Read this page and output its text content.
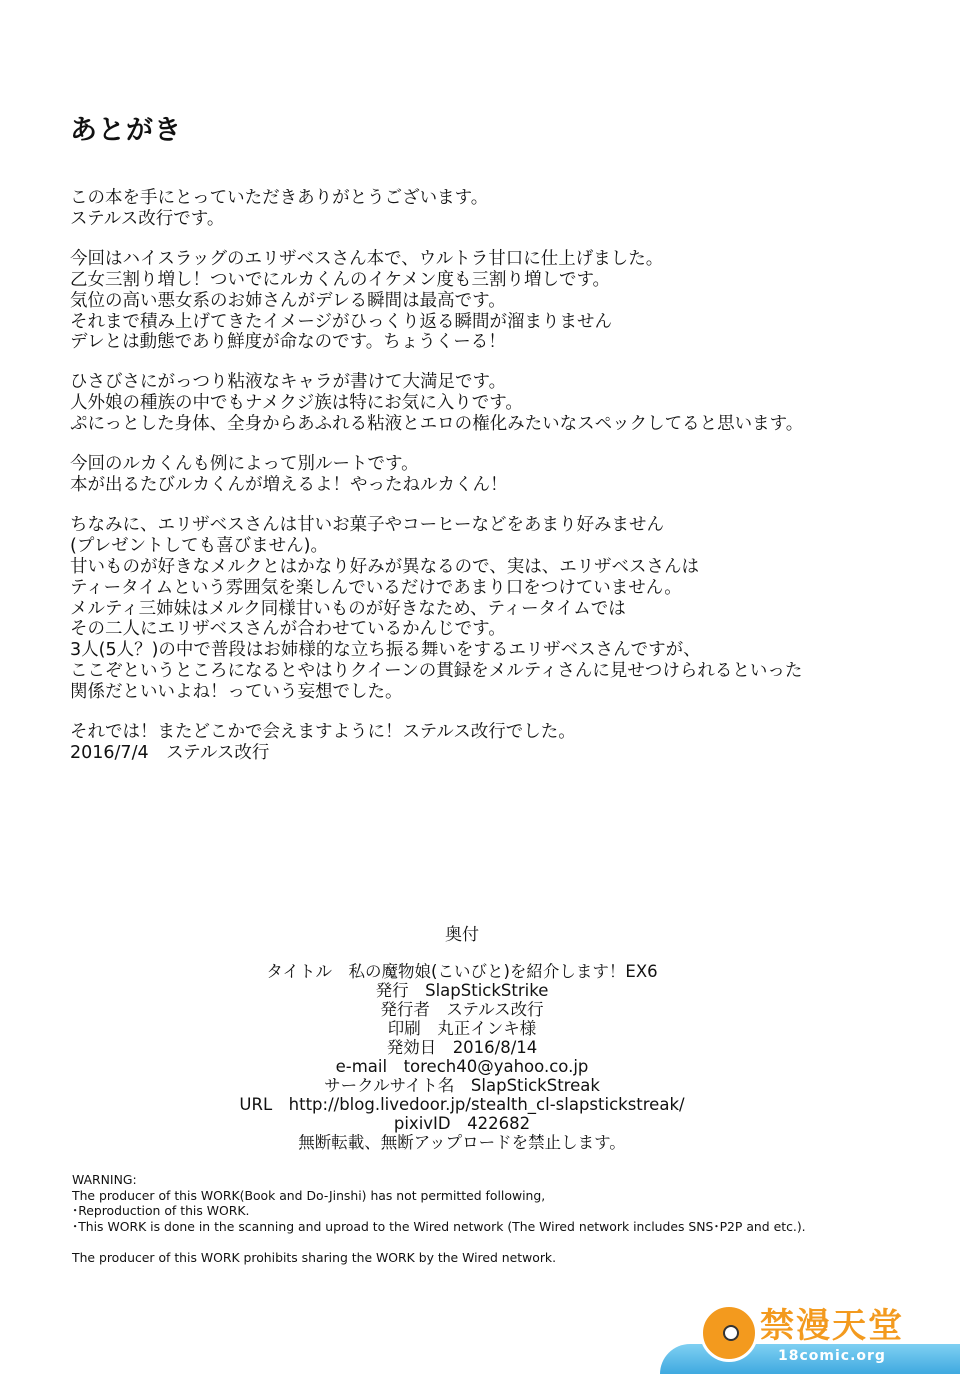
あとがき
この本を手にとっていただきありがとうございます。
ステルス改行です。
今回はハイスラッグのエリザベスさん本で、ウルトラ甘口に仕上げました。
乙女三割り増し！ついでにルカくんのイケメン度も三割り増しです。
気位の高い悪女系のお姉さんがデレる瞬間は最高です。
それまで積み上げてきたイメージがひっくり返る瞬間が溜まりません
デレとは動態であり鮮度が命なのです。ちょうくーる！
ひさびさにがっつり粘液なキャラが書けて大満足です。
人外娘の種族の中でもナメクジ族は特にお気に入りです。
ぷにっとした身体、全身からあふれる粘液とエロの権化みたいなスペックしてると思います。
今回のルカくんも例によって別ルートです。
本が出るたびルカくんが増えるよ！やったねルカくん！
ちなみに、エリザベスさんは甘いお菓子やコーヒーなどをあまり好みません
(プレゼントしても喜びません)。
甘いものが好きなメルクとはかなり好みが異なるので、実は、エリザベスさんは
ティータイムという雰囲気を楽しんでいるだけであまり口をつけていません。
メルティ三姉妹はメルク同様甘いものが好きなため、ティータイムでは
その二人にエリザベスさんが合わせているかんじです。
3人(5人？)の中で普段はお姉様的な立ち振る舞いをするエリザベスさんですが、
ここぞというところになるとやはりクイーンの貫録をメルティさんに見せつけられるといった
関係だといいよね！っていう妄想でした。
それでは！またどこかで会えますように！ステルス改行でした。
2016/7/4　ステルス改行
奥付
タイトル　私の魔物娘(こいびと)を紹介します！EX6
発行　SlapStickStrike
発行者　ステルス改行
印刷　丸正インキ様
発効日　2016/8/14
e-mail　torech40@yahoo.co.jp
サークルサイト名　SlapStickStreak
URL　http://blog.livedoor.jp/stealth_cl-slapstickstreak/
pixivID　422682
無断転載、無断アップロードを禁止します。
WARNING:
The producer of this WORK(Book and Do-Jinshi) has not permitted following,
･Reproduction of this WORK.
･This WORK is done in the scanning and uproad to the Wired network (The Wired network includes SNS･P2P and etc.).
The producer of this WORK prohibits sharing the WORK by the Wired network.
禁漫天堂
18comic.org
